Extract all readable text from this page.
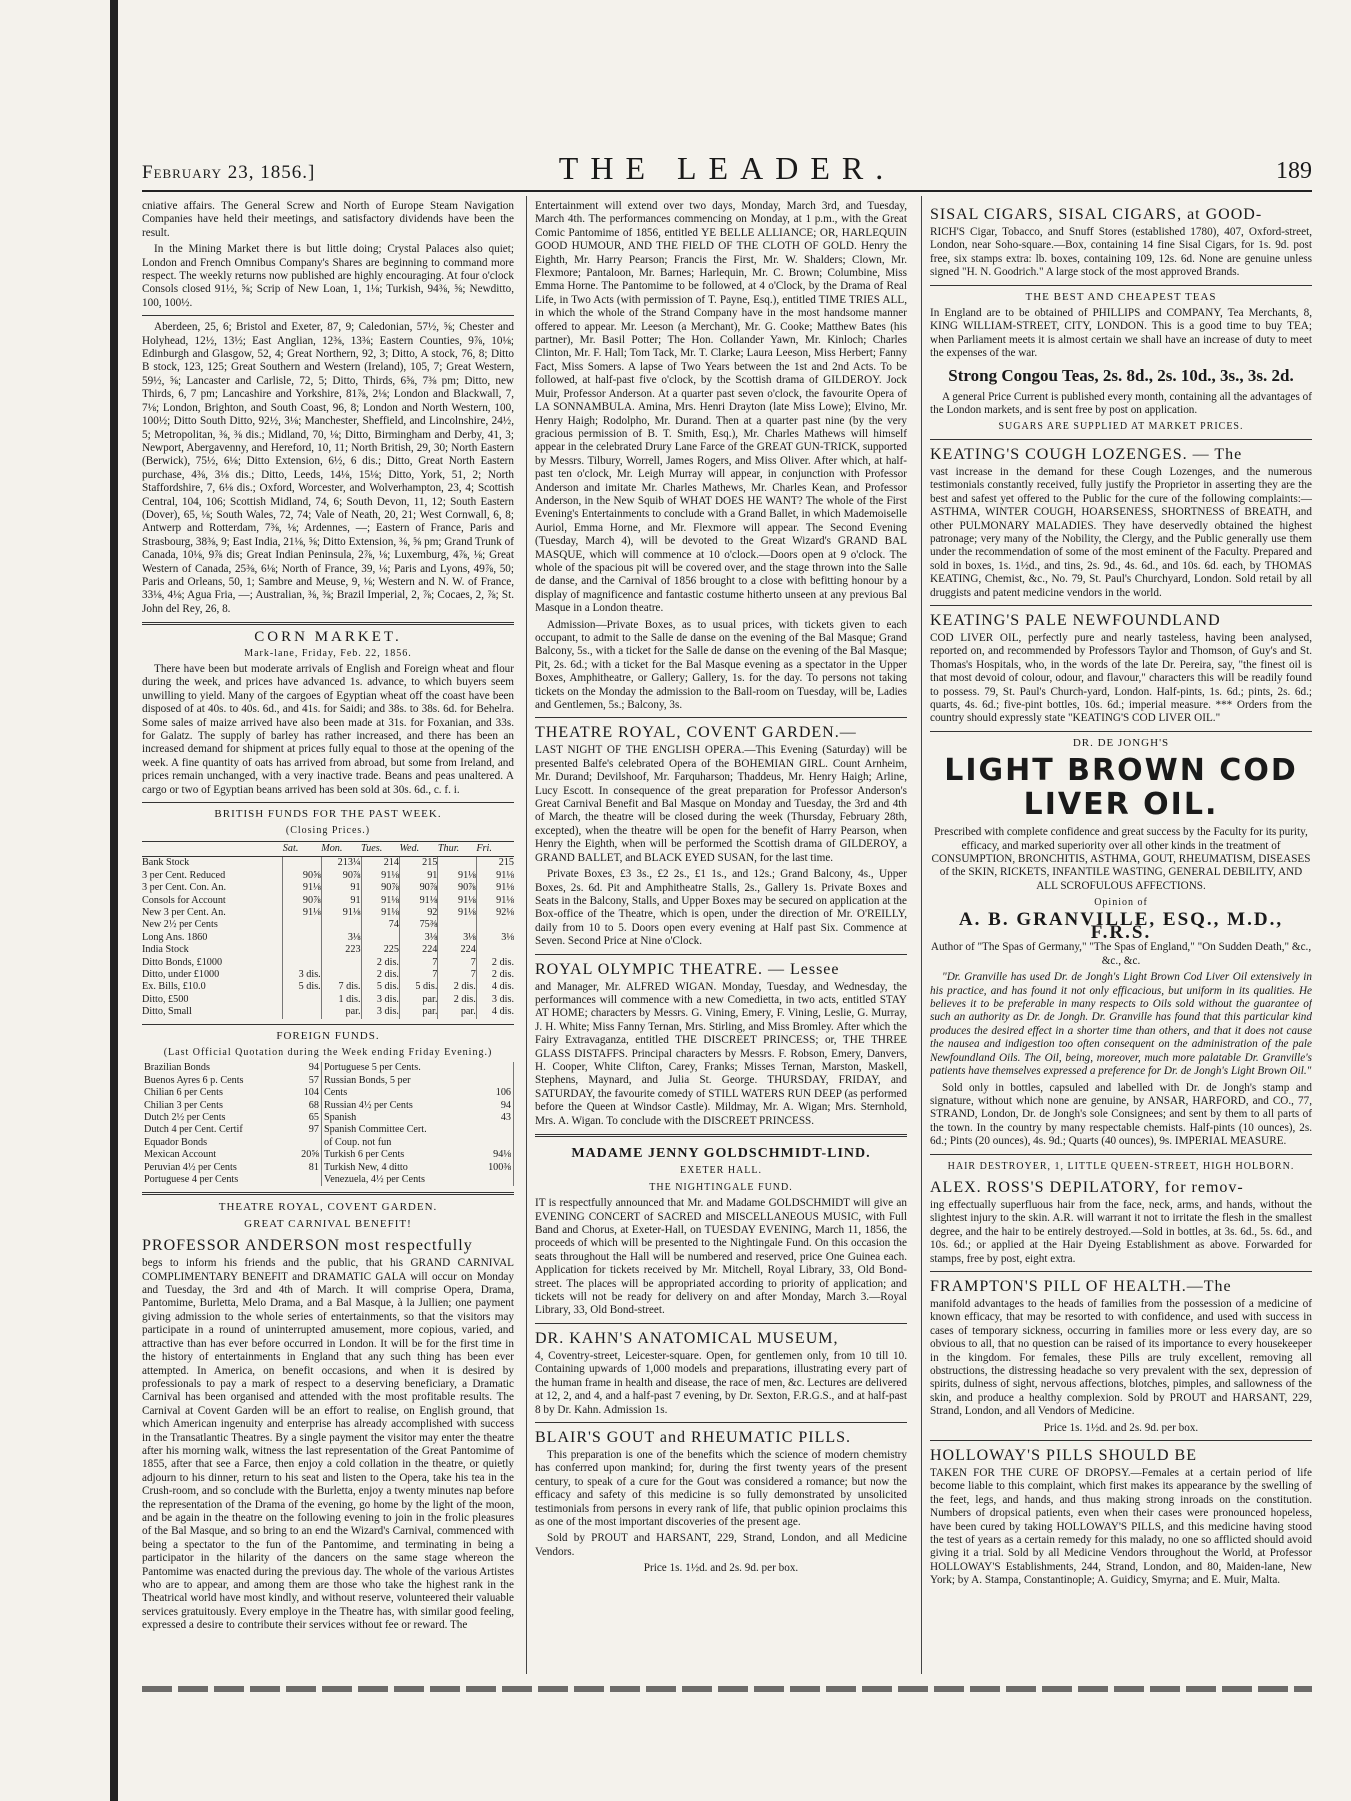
February 23, 1856.]	THE LEADER.	189

cniative affairs. The General Screw and North of Europe Steam Navigation Companies have held their meetings, and satisfactory dividends have been the result.

In the Mining Market there is but little doing; Crystal Palaces also quiet; London and French Omnibus Company's Shares are beginning to command more respect. The weekly returns now published are highly encouraging. At four o'clock Consols closed 91½, ⅝; Scrip of New Loan, 1, 1⅛; Turkish, 94⅜, ⅝; Newditto, 100, 100½.

Aberdeen, 25, 6; Bristol and Exeter, 87, 9; Caledonian, 57½, ⅝; Chester and Holyhead, 12½, 13½; East Anglian, 12⅜, 13⅜; Eastern Counties, 9⅞, 10⅛; Edinburgh and Glasgow, 52, 4; Great Northern, 92, 3; Ditto, A stock, 76, 8; Ditto B stock, 123, 125; Great Southern and Western (Ireland), 105, 7; Great Western, 59½, ⅝; Lancaster and Carlisle, 72, 5; Ditto, Thirds, 6⅝, 7⅜ pm; Ditto, new Thirds, 6, 7 pm; Lancashire and Yorkshire, 81⅞, 2⅛; London and Blackwall, 7, 7⅛; London, Brighton, and South Coast, 96, 8; London and North Western, 100, 100½; Ditto South Ditto, 92½, 3⅛; Manchester, Sheffield, and Lincolnshire, 24½, 5; Metropolitan, ⅜, ⅜ dis.; Midland, 70, ⅛; Ditto, Birmingham and Derby, 41, 3; Newport, Abergavenny, and Hereford, 10, 11; North British, 29, 30; North Eastern (Berwick), 75½, 6⅛; Ditto Extension, 6½, 6 dis.; Ditto, Great North Eastern purchase, 4⅜, 3⅛ dis.; Ditto, Leeds, 14⅛, 15⅛; Ditto, York, 51, 2; North Staffordshire, 7, 6⅛ dis.; Oxford, Worcester, and Wolverhampton, 23, 4; Scottish Central, 104, 106; Scottish Midland, 74, 6; South Devon, 11, 12; South Eastern (Dover), 65, ⅛; South Wales, 72, 74; Vale of Neath, 20, 21; West Cornwall, 6, 8; Antwerp and Rotterdam, 7⅜, ⅛; Ardennes, —; Eastern of France, Paris and Strasbourg, 38⅜, 9; East India, 21⅛, ⅝; Ditto Extension, ⅜, ⅝ pm; Grand Trunk of Canada, 10⅛, 9⅞ dis; Great Indian Peninsula, 2⅞, ⅛; Luxemburg, 4⅞, ⅛; Great Western of Canada, 25⅜, 6⅛; North of France, 39, ⅛; Paris and Lyons, 49⅞, 50; Paris and Orleans, 50, 1; Sambre and Meuse, 9, ⅛; Western and N. W. of France, 33⅛, 4⅛; Agua Fria, —; Australian, ⅜, ⅜; Brazil Imperial, 2, ⅞; Cocaes, 2, ⅞; St. John del Rey, 26, 8.

CORN MARKET.
Mark-lane, Friday, Feb. 22, 1856.

There have been but moderate arrivals of English and Foreign wheat and flour during the week, and prices have advanced 1s. advance, to which buyers seem unwilling to yield. Many of the cargoes of Egyptian wheat off the coast have been disposed of at 40s. to 40s. 6d., and 41s. for Saidi; and 38s. to 38s. 6d. for Behelra. Some sales of maize arrived have also been made at 31s. for Foxanian, and 33s. for Galatz. The supply of barley has rather increased, and there has been an increased demand for shipment at prices fully equal to those at the opening of the week. A fine quantity of oats has arrived from abroad, but some from Ireland, and prices remain unchanged, with a very inactive trade. Beans and peas unaltered. A cargo or two of Egyptian beans arrived has been sold at 30s. 6d., c. f. i.

BRITISH FUNDS FOR THE PAST WEEK.
(Closing Prices.)
	Sat.	Mon.	Tues.	Wed.	Thur.	Fri.
Bank Stock		213¼	214	215		215
3 per Cent. Reduced	90⅝	90⅞	91⅛	91	91⅛	91⅛
3 per Cent. Con. An.	91⅛	91	90⅞	90⅞	90⅞	91⅛
Consols for Account	90⅞	91	91⅛	91⅛	91⅛	91⅛
New 3 per Cent. An.	91⅛	91⅛	91⅛	92	91⅛	92⅛
New 2½ per Cents			74	75⅜		
Long Ans. 1860		3⅛		3⅛	3⅛	3⅛
India Stock		223	225	224	224	
Ditto Bonds, £1000			2 dis.	7	7	2 dis.
Ditto, under £1000	3 dis.		2 dis.	7	7	2 dis.
Ex. Bills, £10.0	5 dis.	7 dis.	5 dis.	5 dis.	2 dis.	4 dis.
Ditto, £500		1 dis.	3 dis.	par.	2 dis.	3 dis.
Ditto, Small		par.	3 dis.	par.	par.	4 dis.
FOREIGN FUNDS.
(Last Official Quotation during the Week ending Friday Evening.)
Brazilian Bonds	94	Portuguese 5 per Cents.	
Buenos Ayres 6 p. Cents	57	Russian Bonds, 5 per	
Chilian 6 per Cents	104	Cents	106
Chilian 3 per Cents	68	Russian 4½ per Cents	94
Dutch 2½ per Cents	65	Spanish	43
Dutch 4 per Cent. Certif	97	Spanish Committee Cert.	
Equador Bonds		of Coup. not fun	
Mexican Account	20⅝	Turkish 6 per Cents	94⅛
Peruvian 4½ per Cents	81	Turkish New, 4 ditto	100⅜
Portuguese 4 per Cents		Venezuela, 4½ per Cents	
THEATRE ROYAL, COVENT GARDEN.
GREAT CARNIVAL BENEFIT!
PROFESSOR ANDERSON most respectfully

begs to inform his friends and the public, that his GRAND CARNIVAL COMPLIMENTARY BENEFIT and DRAMATIC GALA will occur on Monday and Tuesday, the 3rd and 4th of March. It will comprise Opera, Drama, Pantomime, Burletta, Melo Drama, and a Bal Masque, à la Jullien; one payment giving admission to the whole series of entertainments, so that the visitors may participate in a round of uninterrupted amusement, more copious, varied, and attractive than has ever before occurred in London. It will be for the first time in the history of entertainments in England that any such thing has been ever attempted. In America, on benefit occasions, and when it is desired by professionals to pay a mark of respect to a deserving beneficiary, a Dramatic Carnival has been organised and attended with the most profitable results. The Carnival at Covent Garden will be an effort to realise, on English ground, that which American ingenuity and enterprise has already accomplished with success in the Transatlantic Theatres. By a single payment the visitor may enter the theatre after his morning walk, witness the last representation of the Great Pantomime of 1855, after that see a Farce, then enjoy a cold collation in the theatre, or quietly adjourn to his dinner, return to his seat and listen to the Opera, take his tea in the Crush-room, and so conclude with the Burletta, enjoy a twenty minutes nap before the representation of the Drama of the evening, go home by the light of the moon, and be again in the theatre on the following evening to join in the frolic pleasures of the Bal Masque, and so bring to an end the Wizard's Carnival, commenced with being a spectator to the fun of the Pantomime, and terminating in being a participator in the hilarity of the dancers on the same stage whereon the Pantomime was enacted during the previous day. The whole of the various Artistes who are to appear, and among them are those who take the highest rank in the Theatrical world have most kindly, and without reserve, volunteered their valuable services gratuitously. Every employe in the Theatre has, with similar good feeling, expressed a desire to contribute their services without fee or reward. The

Entertainment will extend over two days, Monday, March 3rd, and Tuesday, March 4th. The performances commencing on Monday, at 1 p.m., with the Great Comic Pantomime of 1856, entitled YE BELLE ALLIANCE; OR, HARLEQUIN GOOD HUMOUR, AND THE FIELD OF THE CLOTH OF GOLD. Henry the Eighth, Mr. Harry Pearson; Francis the First, Mr. W. Shalders; Clown, Mr. Flexmore; Pantaloon, Mr. Barnes; Harlequin, Mr. C. Brown; Columbine, Miss Emma Horne. The Pantomime to be followed, at 4 o'Clock, by the Drama of Real Life, in Two Acts (with permission of T. Payne, Esq.), entitled TIME TRIES ALL, in which the whole of the Strand Company have in the most handsome manner offered to appear. Mr. Leeson (a Merchant), Mr. G. Cooke; Matthew Bates (his partner), Mr. Basil Potter; The Hon. Collander Yawn, Mr. Kinloch; Charles Clinton, Mr. F. Hall; Tom Tack, Mr. T. Clarke; Laura Leeson, Miss Herbert; Fanny Fact, Miss Somers. A lapse of Two Years between the 1st and 2nd Acts. To be followed, at half-past five o'clock, by the Scottish drama of GILDEROY. Jock Muir, Professor Anderson. At a quarter past seven o'clock, the favourite Opera of LA SONNAMBULA. Amina, Mrs. Henri Drayton (late Miss Lowe); Elvino, Mr. Henry Haigh; Rodolpho, Mr. Durand. Then at a quarter past nine (by the very gracious permission of B. T. Smith, Esq.), Mr. Charles Mathews will himself appear in the celebrated Drury Lane Farce of the GREAT GUN-TRICK, supported by Messrs. Tilbury, Worrell, James Rogers, and Miss Oliver. After which, at half-past ten o'clock, Mr. Leigh Murray will appear, in conjunction with Professor Anderson and imitate Mr. Charles Mathews, Mr. Charles Kean, and Professor Anderson, in the New Squib of WHAT DOES HE WANT? The whole of the First Evening's Entertainments to conclude with a Grand Ballet, in which Mademoiselle Auriol, Emma Horne, and Mr. Flexmore will appear. The Second Evening (Tuesday, March 4), will be devoted to the Great Wizard's GRAND BAL MASQUE, which will commence at 10 o'clock.—Doors open at 9 o'clock. The whole of the spacious pit will be covered over, and the stage thrown into the Salle de danse, and the Carnival of 1856 brought to a close with befitting honour by a display of magnificence and fantastic costume hitherto unseen at any previous Bal Masque in a London theatre.

Admission—Private Boxes, as to usual prices, with tickets given to each occupant, to admit to the Salle de danse on the evening of the Bal Masque; Grand Balcony, 5s., with a ticket for the Salle de danse on the evening of the Bal Masque; Pit, 2s. 6d.; with a ticket for the Bal Masque evening as a spectator in the Upper Boxes, Amphitheatre, or Gallery; Gallery, 1s. for the day. To persons not taking tickets on the Monday the admission to the Ball-room on Tuesday, will be, Ladies and Gentlemen, 5s.; Balcony, 3s.

THEATRE ROYAL, COVENT GARDEN.—

LAST NIGHT OF THE ENGLISH OPERA.—This Evening (Saturday) will be presented Balfe's celebrated Opera of the BOHEMIAN GIRL. Count Arnheim, Mr. Durand; Devilshoof, Mr. Farquharson; Thaddeus, Mr. Henry Haigh; Arline, Lucy Escott. In consequence of the great preparation for Professor Anderson's Great Carnival Benefit and Bal Masque on Monday and Tuesday, the 3rd and 4th of March, the theatre will be closed during the week (Thursday, February 28th, excepted), when the theatre will be open for the benefit of Harry Pearson, when Henry the Eighth, when will be performed the Scottish drama of GILDEROY, a GRAND BALLET, and BLACK EYED SUSAN, for the last time.

Private Boxes, £3 3s., £2 2s., £1 1s., and 12s.; Grand Balcony, 4s., Upper Boxes, 2s. 6d. Pit and Amphitheatre Stalls, 2s., Gallery 1s. Private Boxes and Seats in the Balcony, Stalls, and Upper Boxes may be secured on application at the Box-office of the Theatre, which is open, under the direction of Mr. O'REILLY, daily from 10 to 5. Doors open every evening at Half past Six. Commence at Seven. Second Price at Nine o'Clock.

ROYAL OLYMPIC THEATRE. — Lessee

and Manager, Mr. ALFRED WIGAN. Monday, Tuesday, and Wednesday, the performances will commence with a new Comedietta, in two acts, entitled STAY AT HOME; characters by Messrs. G. Vining, Emery, F. Vining, Leslie, G. Murray, J. H. White; Miss Fanny Ternan, Mrs. Stirling, and Miss Bromley. After which the Fairy Extravaganza, entitled THE DISCREET PRINCESS; or, THE THREE GLASS DISTAFFS. Principal characters by Messrs. F. Robson, Emery, Danvers, H. Cooper, White Clifton, Carey, Franks; Misses Ternan, Marston, Maskell, Stephens, Maynard, and Julia St. George. THURSDAY, FRIDAY, and SATURDAY, the favourite comedy of STILL WATERS RUN DEEP (as performed before the Queen at Windsor Castle). Mildmay, Mr. A. Wigan; Mrs. Sternhold, Mrs. A. Wigan. To conclude with the DISCREET PRINCESS.

MADAME JENNY GOLDSCHMIDT-LIND.
EXETER HALL.
THE NIGHTINGALE FUND.

IT is respectfully announced that Mr. and Madame GOLDSCHMIDT will give an EVENING CONCERT of SACRED and MISCELLANEOUS MUSIC, with Full Band and Chorus, at Exeter-Hall, on TUESDAY EVENING, March 11, 1856, the proceeds of which will be presented to the Nightingale Fund. On this occasion the seats throughout the Hall will be numbered and reserved, price One Guinea each. Application for tickets received by Mr. Mitchell, Royal Library, 33, Old Bond-street. The places will be appropriated according to priority of application; and tickets will not be ready for delivery on and after Monday, March 3.—Royal Library, 33, Old Bond-street.

DR. KAHN'S ANATOMICAL MUSEUM,

4, Coventry-street, Leicester-square. Open, for gentlemen only, from 10 till 10. Containing upwards of 1,000 models and preparations, illustrating every part of the human frame in health and disease, the race of men, &c. Lectures are delivered at 12, 2, and 4, and a half-past 7 evening, by Dr. Sexton, F.R.G.S., and at half-past 8 by Dr. Kahn. Admission 1s.

BLAIR'S GOUT and RHEUMATIC PILLS.

This preparation is one of the benefits which the science of modern chemistry has conferred upon mankind; for, during the first twenty years of the present century, to speak of a cure for the Gout was considered a romance; but now the efficacy and safety of this medicine is so fully demonstrated by unsolicited testimonials from persons in every rank of life, that public opinion proclaims this as one of the most important discoveries of the present age.

Sold by PROUT and HARSANT, 229, Strand, London, and all Medicine Vendors.

Price 1s. 1½d. and 2s. 9d. per box.

SISAL CIGARS, SISAL CIGARS, at GOOD-

RICH'S Cigar, Tobacco, and Snuff Stores (established 1780), 407, Oxford-street, London, near Soho-square.—Box, containing 14 fine Sisal Cigars, for 1s. 9d. post free, six stamps extra: lb. boxes, containing 109, 12s. 6d. None are genuine unless signed "H. N. Goodrich." A large stock of the most approved Brands.

THE BEST AND CHEAPEST TEAS

In England are to be obtained of PHILLIPS and COMPANY, Tea Merchants, 8, KING WILLIAM-STREET, CITY, LONDON. This is a good time to buy TEA; when Parliament meets it is almost certain we shall have an increase of duty to meet the expenses of the war.

Strong Congou Teas, 2s. 8d., 2s. 10d., 3s., 3s. 2d.

A general Price Current is published every month, containing all the advantages of the London markets, and is sent free by post on application.

SUGARS ARE SUPPLIED AT MARKET PRICES.
KEATING'S COUGH LOZENGES. — The

vast increase in the demand for these Cough Lozenges, and the numerous testimonials constantly received, fully justify the Proprietor in asserting they are the best and safest yet offered to the Public for the cure of the following complaints:— ASTHMA, WINTER COUGH, HOARSENESS, SHORTNESS of BREATH, and other PULMONARY MALADIES. They have deservedly obtained the highest patronage; very many of the Nobility, the Clergy, and the Public generally use them under the recommendation of some of the most eminent of the Faculty. Prepared and sold in boxes, 1s. 1½d., and tins, 2s. 9d., 4s. 6d., and 10s. 6d. each, by THOMAS KEATING, Chemist, &c., No. 79, St. Paul's Churchyard, London. Sold retail by all druggists and patent medicine vendors in the world.

KEATING'S PALE NEWFOUNDLAND

COD LIVER OIL, perfectly pure and nearly tasteless, having been analysed, reported on, and recommended by Professors Taylor and Thomson, of Guy's and St. Thomas's Hospitals, who, in the words of the late Dr. Pereira, say, "the finest oil is that most devoid of colour, odour, and flavour," characters this will be readily found to possess. 79, St. Paul's Church-yard, London. Half-pints, 1s. 6d.; pints, 2s. 6d.; quarts, 4s. 6d.; five-pint bottles, 10s. 6d.; imperial measure. *** Orders from the country should expressly state "KEATING'S COD LIVER OIL."

DR. DE JONGH'S
LIGHT BROWN COD LIVER OIL.

Prescribed with complete confidence and great success by the Faculty for its purity, efficacy, and marked superiority over all other kinds in the treatment of CONSUMPTION, BRONCHITIS, ASTHMA, GOUT, RHEUMATISM, DISEASES of the SKIN, RICKETS, INFANTILE WASTING, GENERAL DEBILITY, AND ALL SCROFULOUS AFFECTIONS.

Opinion of
A. B. GRANVILLE, ESQ., M.D., F.R.S.

Author of "The Spas of Germany," "The Spas of England," "On Sudden Death," &c., &c., &c.

"Dr. Granville has used Dr. de Jongh's Light Brown Cod Liver Oil extensively in his practice, and has found it not only efficacious, but uniform in its qualities. He believes it to be preferable in many respects to Oils sold without the guarantee of such an authority as Dr. de Jongh. Dr. Granville has found that this particular kind produces the desired effect in a shorter time than others, and that it does not cause the nausea and indigestion too often consequent on the administration of the pale Newfoundland Oils. The Oil, being, moreover, much more palatable Dr. Granville's patients have themselves expressed a preference for Dr. de Jongh's Light Brown Oil."

Sold only in bottles, capsuled and labelled with Dr. de Jongh's stamp and signature, without which none are genuine, by ANSAR, HARFORD, and CO., 77, STRAND, London, Dr. de Jongh's sole Consignees; and sent by them to all parts of the town. In the country by many respectable chemists. Half-pints (10 ounces), 2s. 6d.; Pints (20 ounces), 4s. 9d.; Quarts (40 ounces), 9s. IMPERIAL MEASURE.

HAIR DESTROYER, 1, LITTLE QUEEN-STREET, HIGH HOLBORN.
ALEX. ROSS'S DEPILATORY, for remov-

ing effectually superfluous hair from the face, neck, arms, and hands, without the slightest injury to the skin. A.R. will warrant it not to irritate the flesh in the smallest degree, and the hair to be entirely destroyed.—Sold in bottles, at 3s. 6d., 5s. 6d., and 10s. 6d.; or applied at the Hair Dyeing Establishment as above. Forwarded for stamps, free by post, eight extra.

FRAMPTON'S PILL OF HEALTH.—The

manifold advantages to the heads of families from the possession of a medicine of known efficacy, that may be resorted to with confidence, and used with success in cases of temporary sickness, occurring in families more or less every day, are so obvious to all, that no question can be raised of its importance to every housekeeper in the kingdom. For females, these Pills are truly excellent, removing all obstructions, the distressing headache so very prevalent with the sex, depression of spirits, dulness of sight, nervous affections, blotches, pimples, and sallowness of the skin, and produce a healthy complexion. Sold by PROUT and HARSANT, 229, Strand, London, and all Vendors of Medicine.

Price 1s. 1½d. and 2s. 9d. per box.

HOLLOWAY'S PILLS SHOULD BE

TAKEN FOR THE CURE OF DROPSY.—Females at a certain period of life become liable to this complaint, which first makes its appearance by the swelling of the feet, legs, and hands, and thus making strong inroads on the constitution. Numbers of dropsical patients, even when their cases were pronounced hopeless, have been cured by taking HOLLOWAY'S PILLS, and this medicine having stood the test of years as a certain remedy for this malady, no one so afflicted should avoid giving it a trial. Sold by all Medicine Vendors throughout the World, at Professor HOLLOWAY'S Establishments, 244, Strand, London, and 80, Maiden-lane, New York; by A. Stampa, Constantinople; A. Guidicy, Smyrna; and E. Muir, Malta.
